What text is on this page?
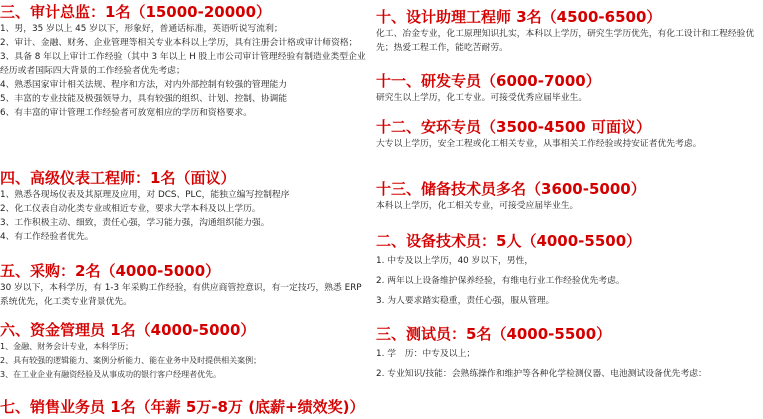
三、审计总监：1名（15000-20000）
1、男，35 岁以上 45 岁以下，形象好，普通话标准，英语听说写流利；
2、审计、金融、财务、企业管理等相关专业本科以上学历，具有注册会计格或审计师资格；
3、具备 8 年以上审计工作经验（其中 3 年以上 H 股上市公司审计管理经验有制造业类型企业经历或者国际四大背景的工作经验者优先考虑；
4、熟悉国家审计相关法规、程序和方法，对内外部控制有较强的管理能力
5、丰富的专业技能及极强领导力，具有较强的组织、计划、控制、协调能
6、有丰富的审计管理工作经验者可放宽相应的学历和资格要求。
四、高级仪表工程师：1名（面议）
1、熟悉各现场仪表及其原理及应用，对 DCS、PLC，能独立编写控制程序
2、化工仪表自动化类专业或相近专业，要求大学本科及以上学历。
3、工作积极主动、细致，责任心强，学习能力强，沟通组织能力强。
4、有工作经验者优先。
五、采购：2名（4000-5000）
30 岁以下，本科学历，有 1-3 年采购工作经验，有供应商管控意识，有一定技巧，熟悉 ERP 系统优先，化工类专业背景优先。
六、资金管理员 1名（4000-5000）
1、金融、财务会计专业，本科学历；
2、具有较强的逻辑能力、案例分析能力、能在业务中及时提供相关案例；
3、在工业企业有融资经验及从事成功的银行客户经理者优先。
七、销售业务员 1名（年薪 5万-8万 (底薪+绩效奖)）
十、设计助理工程师 3名（4500-6500）
化工、冶金专业，化工原理知识扎实，本科以上学历，研究生学历优先，有化工设计和工程经验优先；热爱工程工作，能吃苦耐劳。
十一、研发专员（6000-7000）
研究生以上学历，化工专业。可接受优秀应届毕业生。
十二、安环专员（3500-4500 可面议）
大专以上学历，安全工程或化工相关专业，从事相关工作经验或持安证者优先考虑。
十三、储备技术员多名（3600-5000）
本科以上学历，化工相关专业，可接受应届毕业生。
二、设备技术员：5人（4000-5500）
1. 中专及以上学历，40 岁以下，男性，
2. 两年以上设备维护保养经验，有维电行业工作经验优先考虑。
3. 为人要求踏实稳重，责任心强，服从管理。
三、测试员：5名（4000-5500）
1. 学　历：中专及以上；
2. 专业知识/技能：会熟练操作和维护等各种化学检测仪器、电池测试设备优先考虑：
